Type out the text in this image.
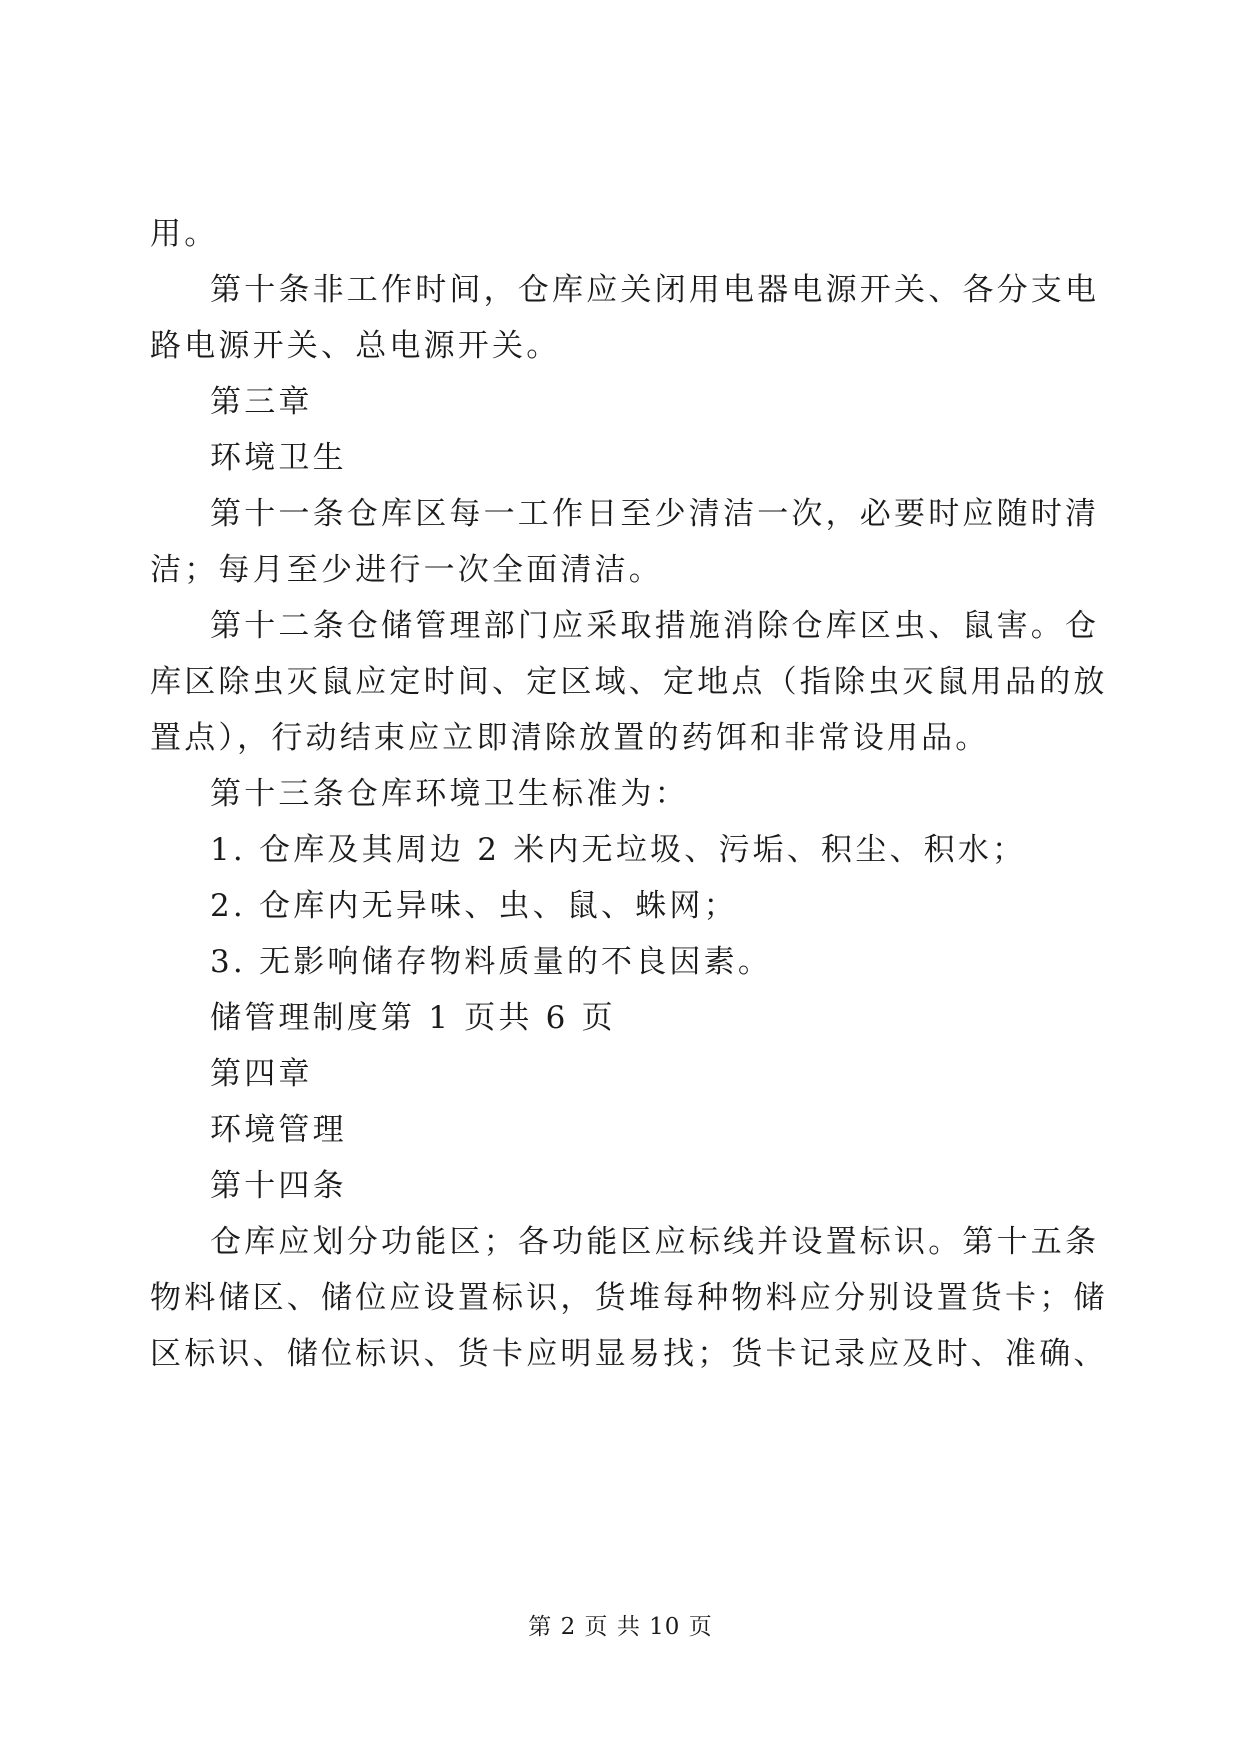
用。
第十条非工作时间，仓库应关闭用电器电源开关、各分支电
路电源开关、总电源开关。
第三章
环境卫生
第十一条仓库区每一工作日至少清洁一次，必要时应随时清
洁；每月至少进行一次全面清洁。
第十二条仓储管理部门应采取措施消除仓库区虫、鼠害。仓
库区除虫灭鼠应定时间、定区域、定地点（指除虫灭鼠用品的放
置点），行动结束应立即清除放置的药饵和非常设用品。
第十三条仓库环境卫生标准为：
1. 仓库及其周边 2 米内无垃圾、污垢、积尘、积水；
2. 仓库内无异味、虫、鼠、蛛网；
3. 无影响储存物料质量的不良因素。
储管理制度第 1 页共 6 页
第四章
环境管理
第十四条
仓库应划分功能区；各功能区应标线并设置标识。第十五条
物料储区、储位应设置标识，货堆每种物料应分别设置货卡；储
区标识、储位标识、货卡应明显易找；货卡记录应及时、准确、
第 2 页 共 10 页
